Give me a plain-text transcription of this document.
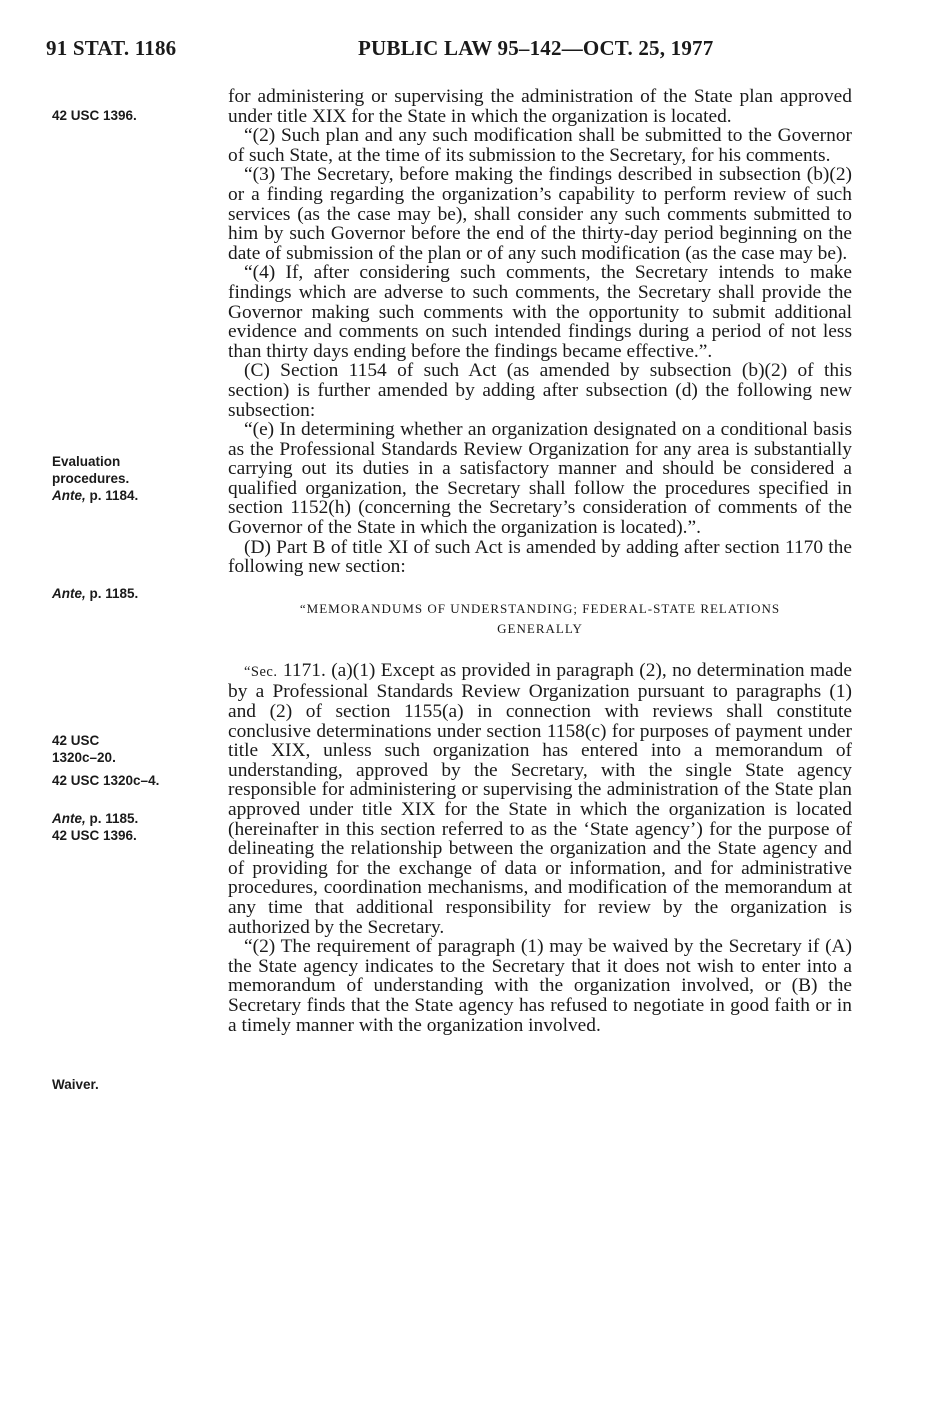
91 STAT. 1186	PUBLIC LAW 95–142—OCT. 25, 1977
42 USC 1396.
Evaluation
procedures.
Ante, p. 1184.
Ante, p. 1185.
42 USC
1320c–20.
42 USC 1320c–4.
Ante, p. 1185.
42 USC 1396.
Waiver.

for administering or supervising the administration of the State plan approved under title XIX for the State in which the organization is located.

“(2) Such plan and any such modification shall be submitted to the Governor of such State, at the time of its submission to the Secretary, for his comments.

“(3) The Secretary, before making the findings described in subsection (b)(2) or a finding regarding the organization’s capability to perform review of such services (as the case may be), shall consider any such comments submitted to him by such Governor before the end of the thirty-day period beginning on the date of submission of the plan or of any such modification (as the case may be).

“(4) If, after considering such comments, the Secretary intends to make findings which are adverse to such comments, the Secretary shall provide the Governor making such comments with the opportunity to submit additional evidence and comments on such intended findings during a period of not less than thirty days ending before the findings became effective.”.

(C) Section 1154 of such Act (as amended by subsection (b)(2) of this section) is further amended by adding after subsection (d) the following new subsection:

“(e) In determining whether an organization designated on a conditional basis as the Professional Standards Review Organization for any area is substantially carrying out its duties in a satisfactory manner and should be considered a qualified organization, the Secretary shall follow the procedures specified in section 1152(h) (concerning the Secretary’s consideration of comments of the Governor of the State in which the organization is located).”.

(D) Part B of title XI of such Act is amended by adding after section 1170 the following new section:

“MEMORANDUMS OF UNDERSTANDING; FEDERAL-STATE RELATIONS
GENERALLY

“Sec. 1171. (a)(1) Except as provided in paragraph (2), no determination made by a Professional Standards Review Organization pursuant to paragraphs (1) and (2) of section 1155(a) in connection with reviews shall constitute conclusive determinations under section 1158(c) for purposes of payment under title XIX, unless such organization has entered into a memorandum of understanding, approved by the Secretary, with the single State agency responsible for administering or supervising the administration of the State plan approved under title XIX for the State in which the organization is located (hereinafter in this section referred to as the ‘State agency’) for the purpose of delineating the relationship between the organization and the State agency and of providing for the exchange of data or information, and for administrative procedures, coordination mechanisms, and modification of the memorandum at any time that additional responsibility for review by the organization is authorized by the Secretary.

“(2) The requirement of paragraph (1) may be waived by the Secretary if (A) the State agency indicates to the Secretary that it does not wish to enter into a memorandum of understanding with the organization involved, or (B) the Secretary finds that the State agency has refused to negotiate in good faith or in a timely manner with the organization involved.
